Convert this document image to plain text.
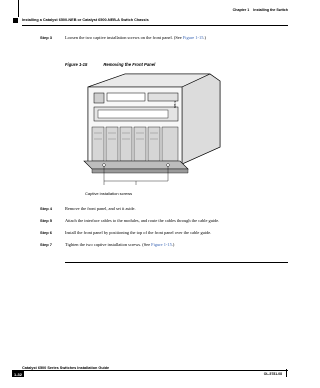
Chapter 1 Installing the Switch
Installing a Catalyst 6500-NEB or Catalyst 6500-NEB-A Switch Chassis
Step 3	Loosen the two captive installation screws on the front panel. (See Figure 1-15.)
Figure 1-15	Removing the Front Panel
68672
Captive installation screws
Step 4	Remove the front panel, and set it aside.
Step 5	Attach the interface cables to the modules, and route the cables through the cable guide.
Step 6	Install the front panel by positioning the top of the front panel over the cable guide.
Step 7	Tighten the two captive installation screws. (See Figure 1-15.)
Catalyst 6500 Series Switches Installation Guide
1-32	OL-5781-08
